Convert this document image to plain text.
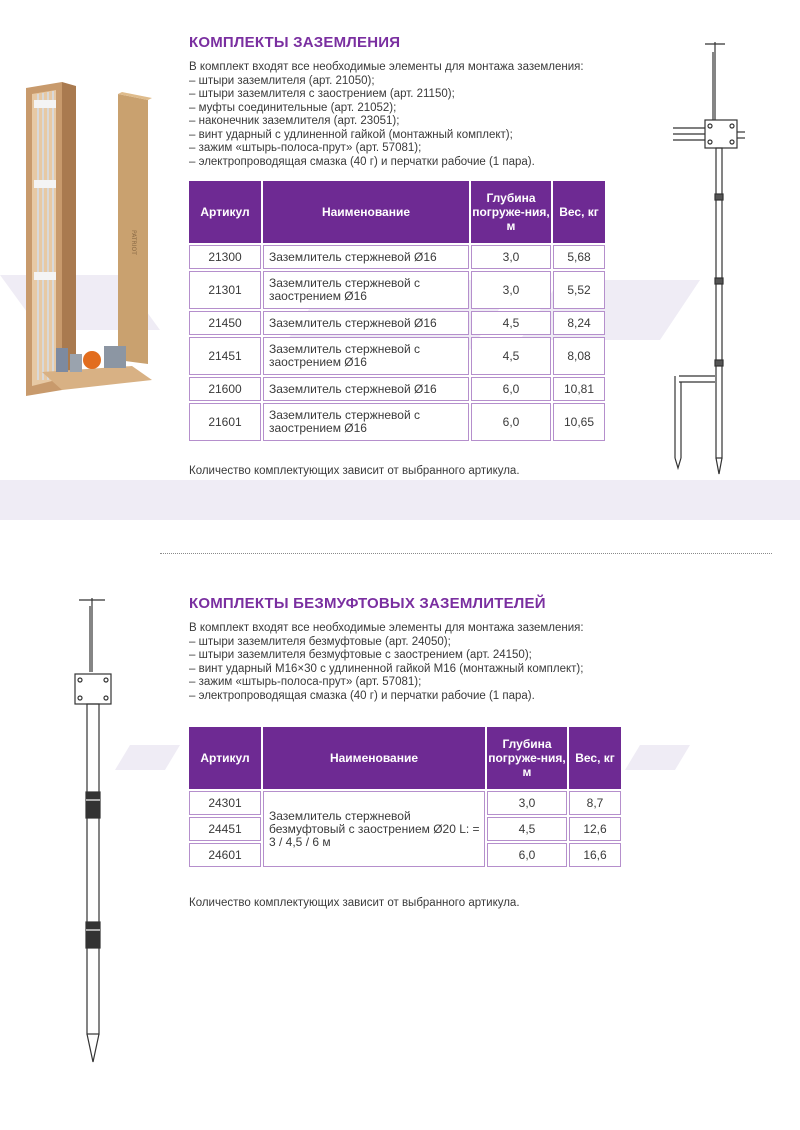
PATRIOT
КОМПЛЕКТЫ ЗАЗЕМЛЕНИЯ
В комплект входят все необходимые элементы для монтажа заземления:
– штыри заземлителя (арт. 21050);
– штыри заземлителя с заострением (арт. 21150);
– муфты соединительные (арт. 21052);
– наконечник заземлителя (арт. 23051);
– винт ударный с удлиненной гайкой (монтажный комплект);
– зажим «штырь-полоса-прут» (арт. 57081);
– электропроводящая смазка (40 г) и перчатки рабочие (1 пара).
Артикул	Наименование	Глубина погруже-ния, м	Вес, кг
21300	Заземлитель стержневой Ø16	3,0	5,68
21301	Заземлитель стержневой с заострением Ø16	3,0	5,52
21450	Заземлитель стержневой Ø16	4,5	8,24
21451	Заземлитель стержневой с заострением Ø16	4,5	8,08
21600	Заземлитель стержневой Ø16	6,0	10,81
21601	Заземлитель стержневой с заострением Ø16	6,0	10,65
Количество комплектующих зависит от выбранного артикула.
КОМПЛЕКТЫ БЕЗМУФТОВЫХ ЗАЗЕМЛИТЕЛЕЙ
В комплект входят все необходимые элементы для монтажа заземления:
– штыри заземлителя безмуфтовые (арт. 24050);
– штыри заземлителя безмуфтовые с заострением (арт. 24150);
– винт ударный М16×30 с удлиненной гайкой М16 (монтажный комплект);
– зажим «штырь-полоса-прут» (арт. 57081);
– электропроводящая смазка (40 г) и перчатки рабочие (1 пара).
Артикул	Наименование	Глубина погруже-ния, м	Вес, кг
24301	Заземлитель стержневой безмуфтовый с заострением Ø20 L: = 3 / 4,5 / 6 м	3,0	8,7
24451		4,5	12,6
24601		6,0	16,6
Количество комплектующих зависит от выбранного артикула.
